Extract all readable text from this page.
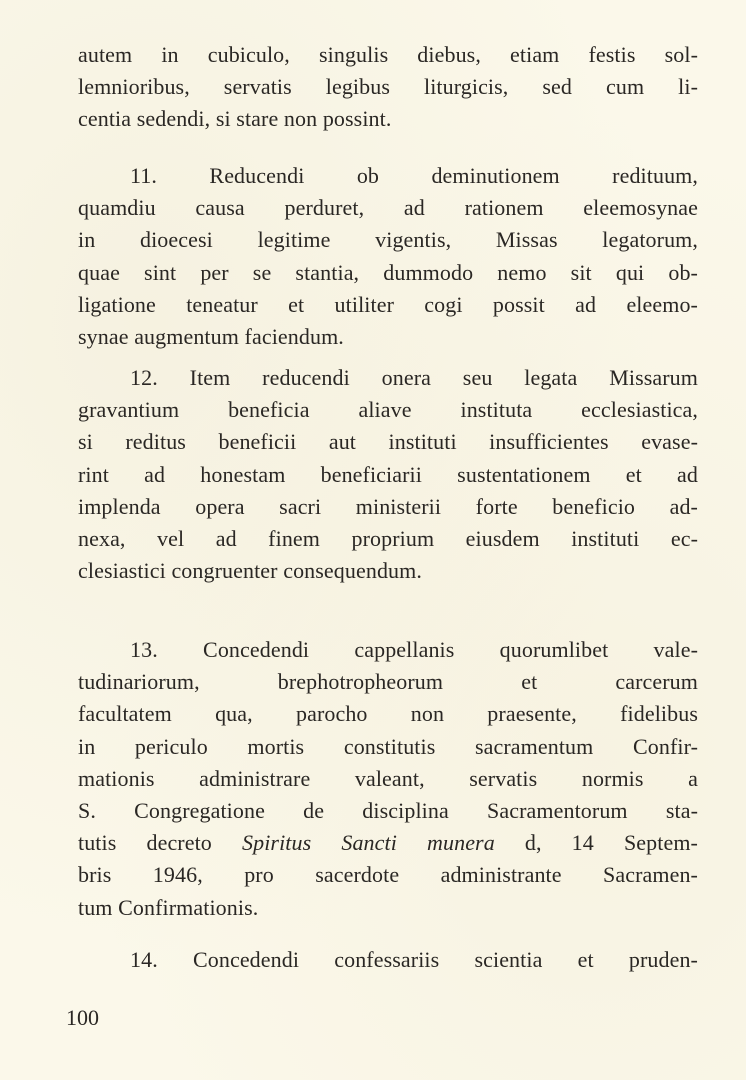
autem in cubiculo, singulis diebus, etiam festis sol-
lemnioribus, servatis legibus liturgicis, sed cum li-
centia sedendi, si stare non possint.
11. Reducendi ob deminutionem redituum,
quamdiu causa perduret, ad rationem eleemosynae
in dioecesi legitime vigentis, Missas legatorum,
quae sint per se stantia, dummodo nemo sit qui ob-
ligatione teneatur et utiliter cogi possit ad eleemo-
synae augmentum faciendum.
12. Item reducendi onera seu legata Missarum
gravantium beneficia aliave instituta ecclesiastica,
si reditus beneficii aut instituti insufficientes evase-
rint ad honestam beneficiarii sustentationem et ad
implenda opera sacri ministerii forte beneficio ad-
nexa, vel ad finem proprium eiusdem instituti ec-
clesiastici congruenter consequendum.
13. Concedendi cappellanis quorumlibet vale-
tudinariorum, brephotropheorum et carcerum
facultatem qua, parocho non praesente, fidelibus
in periculo mortis constitutis sacramentum Confir-
mationis administrare valeant, servatis normis a
S. Congregatione de disciplina Sacramentorum sta-
tutis decreto Spiritus Sancti munera d, 14 Septem-
bris 1946, pro sacerdote administrante Sacramen-
tum Confirmationis.
14. Concedendi confessariis scientia et pruden-
100
